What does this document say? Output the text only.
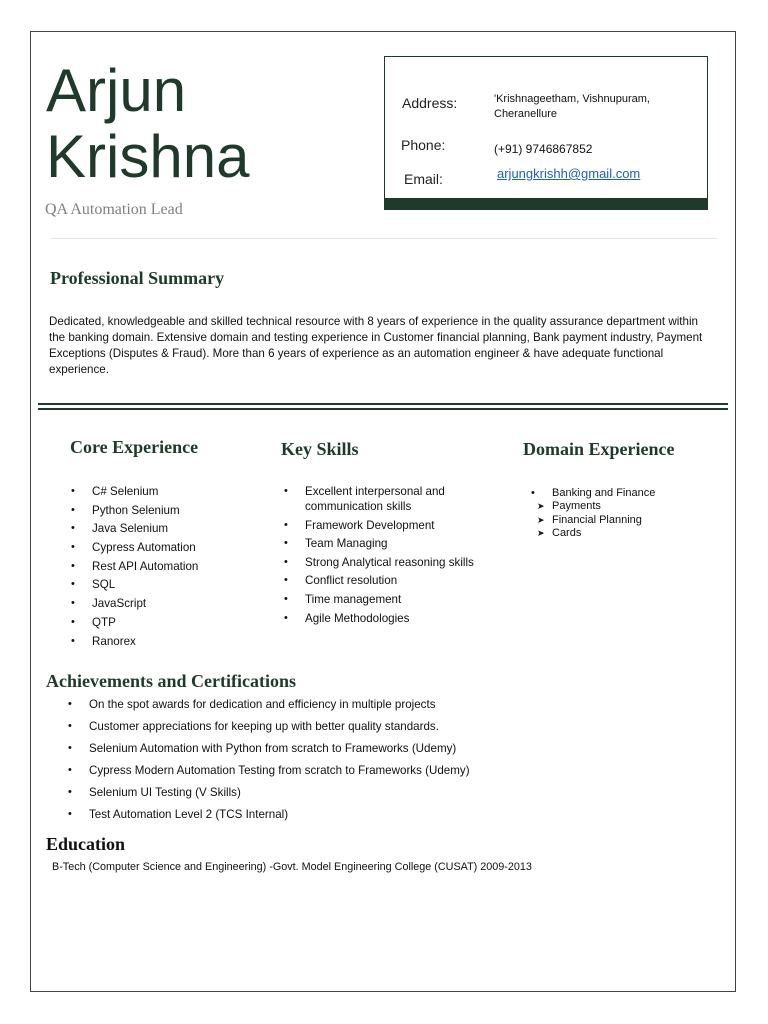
Arjun
Krishna
QA Automation Lead
Address:	'Krishnageetham, Vishnupuram, Cheranellure
Phone:	(+91) 9746867852
Email:	arjungkrishh@gmail.com
Professional Summary

Dedicated, knowledgeable and skilled technical resource with 8 years of experience in the quality assurance department within the banking domain. Extensive domain and testing experience in Customer financial planning, Bank payment industry, Payment Exceptions (Disputes & Fraud). More than 6 years of experience as an automation engineer & have adequate functional experience.

Core Experience
• C# Selenium
• Python Selenium
• Java Selenium
• Cypress Automation
• Rest API Automation
• SQL
• JavaScript
• QTP
• Ranorex
Key Skills
• Excellent interpersonal and communication skills
• Framework Development
• Team Managing
• Strong Analytical reasoning skills
• Conflict resolution
• Time management
• Agile Methodologies
Domain Experience
• Banking and Finance
➤ Payments
➤ Financial Planning
➤ Cards
Achievements and Certifications
• On the spot awards for dedication and efficiency in multiple projects
• Customer appreciations for keeping up with better quality standards.
• Selenium Automation with Python from scratch to Frameworks (Udemy)
• Cypress Modern Automation Testing from scratch to Frameworks (Udemy)
• Selenium UI Testing (V Skills)
• Test Automation Level 2 (TCS Internal)
Education
B-Tech (Computer Science and Engineering) -Govt. Model Engineering College (CUSAT) 2009-2013
